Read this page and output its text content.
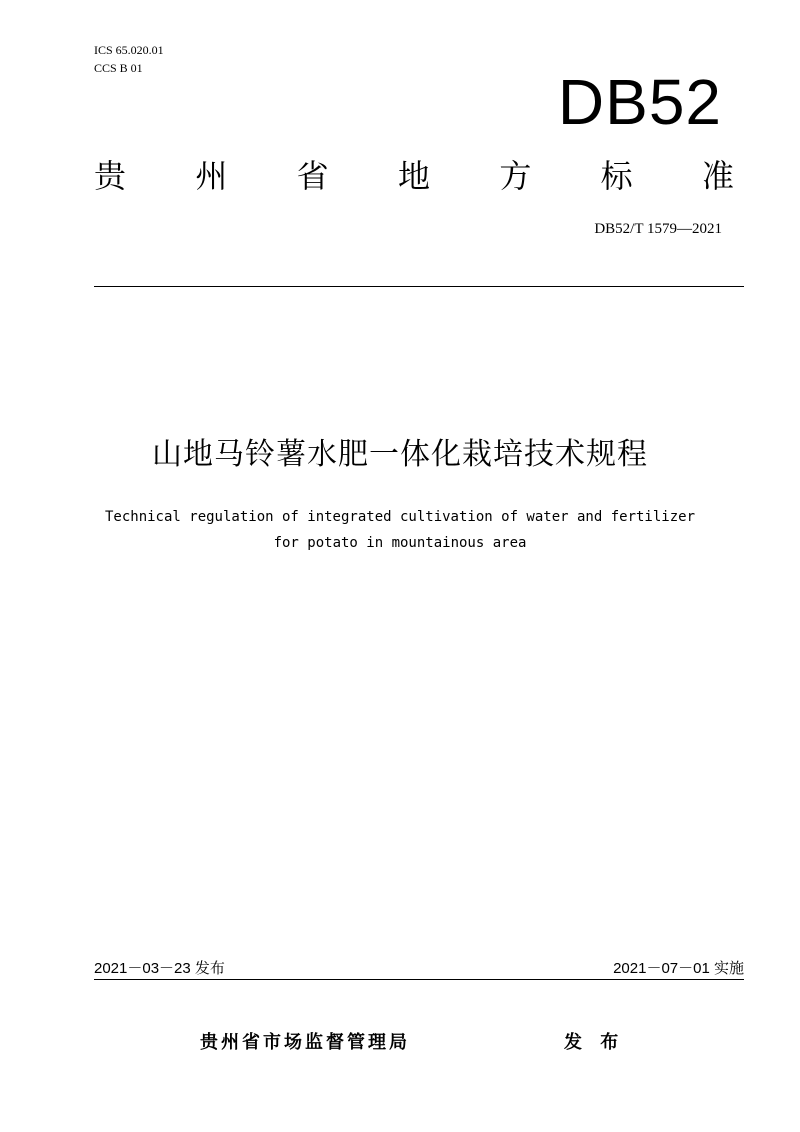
ICS 65.020.01
CCS B 01	DB52
贵 州 省 地 方 标 准
DB52/T 1579—2021
山地马铃薯水肥一体化栽培技术规程
Technical regulation of integrated cultivation of water and fertilizer
for potato in mountainous area
2021－03－23 发布	2021－07－01 实施
贵州省市场监督管理局	发 布
